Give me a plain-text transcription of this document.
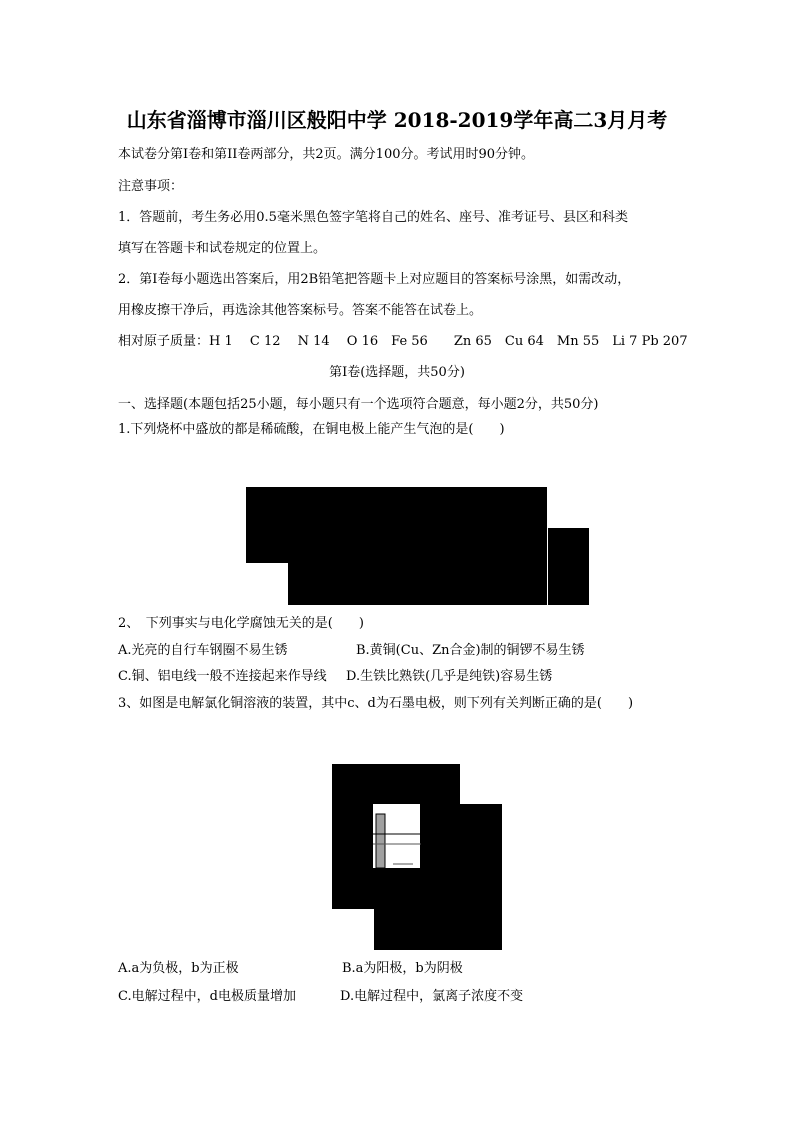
山东省淄博市淄川区般阳中学 2018-2019学年高二3月月考
本试卷分第I卷和第II卷两部分，共2页。满分100分。考试用时90分钟。
注意事项：
1．答题前，考生务必用0.5毫米黑色签字笔将自己的姓名、座号、准考证号、县区和科类
填写在答题卡和试卷规定的位置上。
2．第I卷每小题选出答案后，用2B铅笔把答题卡上对应题目的答案标号涂黑，如需改动，
用橡皮擦干净后，再选涂其他答案标号。答案不能答在试卷上。
相对原子质量：H 1　 C 12　 N 14　 O 16　Fe 56　　Zn 65　Cu 64　Mn 55　Li 7 Pb 207
第I卷(选择题，共50分)
一、选择题(本题包括25小题，每小题只有一个选项符合题意，每小题2分，共50分)
1.下列烧杯中盛放的都是稀硫酸，在铜电极上能产生气泡的是(　　)
2、　下列事实与电化学腐蚀无关的是(　　)
A.光亮的自行车钢圈不易生锈	B.黄铜(Cu、Zn合金)制的铜锣不易生锈
C.铜、铝电线一般不连接起来作导线 D.生铁比熟铁(几乎是纯铁)容易生锈
3、如图是电解氯化铜溶液的装置，其中c、d为石墨电极，则下列有关判断正确的是(　　)
A.a为负极，b为正极	B.a为阳极，b为阴极
C.电解过程中，d电极质量增加	D.电解过程中，氯离子浓度不变
